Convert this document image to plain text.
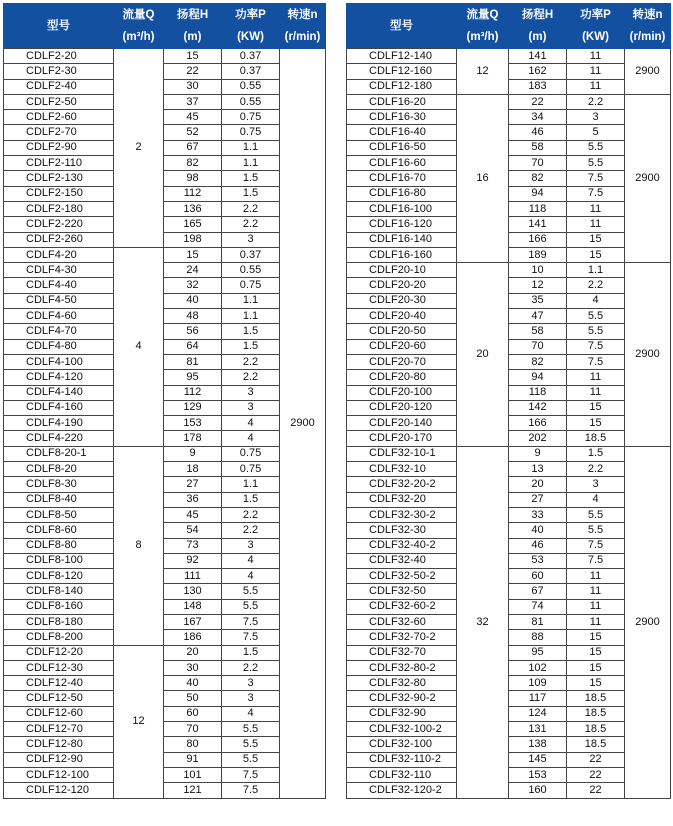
型号	流量Q	扬程H	功率P	转速n
	(m³/h)	(m)	(KW)	(r/min)
CDLF2-20	2	15	0.37	2900
CDLF2-30		22	0.37	
CDLF2-40		30	0.55	
CDLF2-50		37	0.55	
CDLF2-60		45	0.75	
CDLF2-70		52	0.75	
CDLF2-90		67	1.1	
CDLF2-110		82	1.1	
CDLF2-130		98	1.5	
CDLF2-150		112	1.5	
CDLF2-180		136	2.2	
CDLF2-220		165	2.2	
CDLF2-260		198	3	
CDLF4-20	4	15	0.37	
CDLF4-30		24	0.55	
CDLF4-40		32	0.75	
CDLF4-50		40	1.1	
CDLF4-60		48	1.1	
CDLF4-70		56	1.5	
CDLF4-80		64	1.5	
CDLF4-100		81	2.2	
CDLF4-120		95	2.2	
CDLF4-140		112	3	
CDLF4-160		129	3	
CDLF4-190		153	4	
CDLF4-220		178	4	
CDLF8-20-1	8	9	0.75	
CDLF8-20		18	0.75	
CDLF8-30		27	1.1	
CDLF8-40		36	1.5	
CDLF8-50		45	2.2	
CDLF8-60		54	2.2	
CDLF8-80		73	3	
CDLF8-100		92	4	
CDLF8-120		111	4	
CDLF8-140		130	5.5	
CDLF8-160		148	5.5	
CDLF8-180		167	7.5	
CDLF8-200		186	7.5	
CDLF12-20	12	20	1.5	
CDLF12-30		30	2.2	
CDLF12-40		40	3	
CDLF12-50		50	3	
CDLF12-60		60	4	
CDLF12-70		70	5.5	
CDLF12-80		80	5.5	
CDLF12-90		91	5.5	
CDLF12-100		101	7.5	
CDLF12-120		121	7.5	
型号	流量Q	扬程H	功率P	转速n
	(m³/h)	(m)	(KW)	(r/min)
CDLF12-140	12	141	11	2900
CDLF12-160		162	11	
CDLF12-180		183	11	
CDLF16-20	16	22	2.2	2900
CDLF16-30		34	3	
CDLF16-40		46	5	
CDLF16-50		58	5.5	
CDLF16-60		70	5.5	
CDLF16-70		82	7.5	
CDLF16-80		94	7.5	
CDLF16-100		118	11	
CDLF16-120		141	11	
CDLF16-140		166	15	
CDLF16-160		189	15	
CDLF20-10	20	10	1.1	2900
CDLF20-20		12	2.2	
CDLF20-30		35	4	
CDLF20-40		47	5.5	
CDLF20-50		58	5.5	
CDLF20-60		70	7.5	
CDLF20-70		82	7.5	
CDLF20-80		94	11	
CDLF20-100		118	11	
CDLF20-120		142	15	
CDLF20-140		166	15	
CDLF20-170		202	18.5	
CDLF32-10-1	32	9	1.5	2900
CDLF32-10		13	2.2	
CDLF32-20-2		20	3	
CDLF32-20		27	4	
CDLF32-30-2		33	5.5	
CDLF32-30		40	5.5	
CDLF32-40-2		46	7.5	
CDLF32-40		53	7.5	
CDLF32-50-2		60	11	
CDLF32-50		67	11	
CDLF32-60-2		74	11	
CDLF32-60		81	11	
CDLF32-70-2		88	15	
CDLF32-70		95	15	
CDLF32-80-2		102	15	
CDLF32-80		109	15	
CDLF32-90-2		117	18.5	
CDLF32-90		124	18.5	
CDLF32-100-2		131	18.5	
CDLF32-100		138	18.5	
CDLF32-110-2		145	22	
CDLF32-110		153	22	
CDLF32-120-2		160	22	
